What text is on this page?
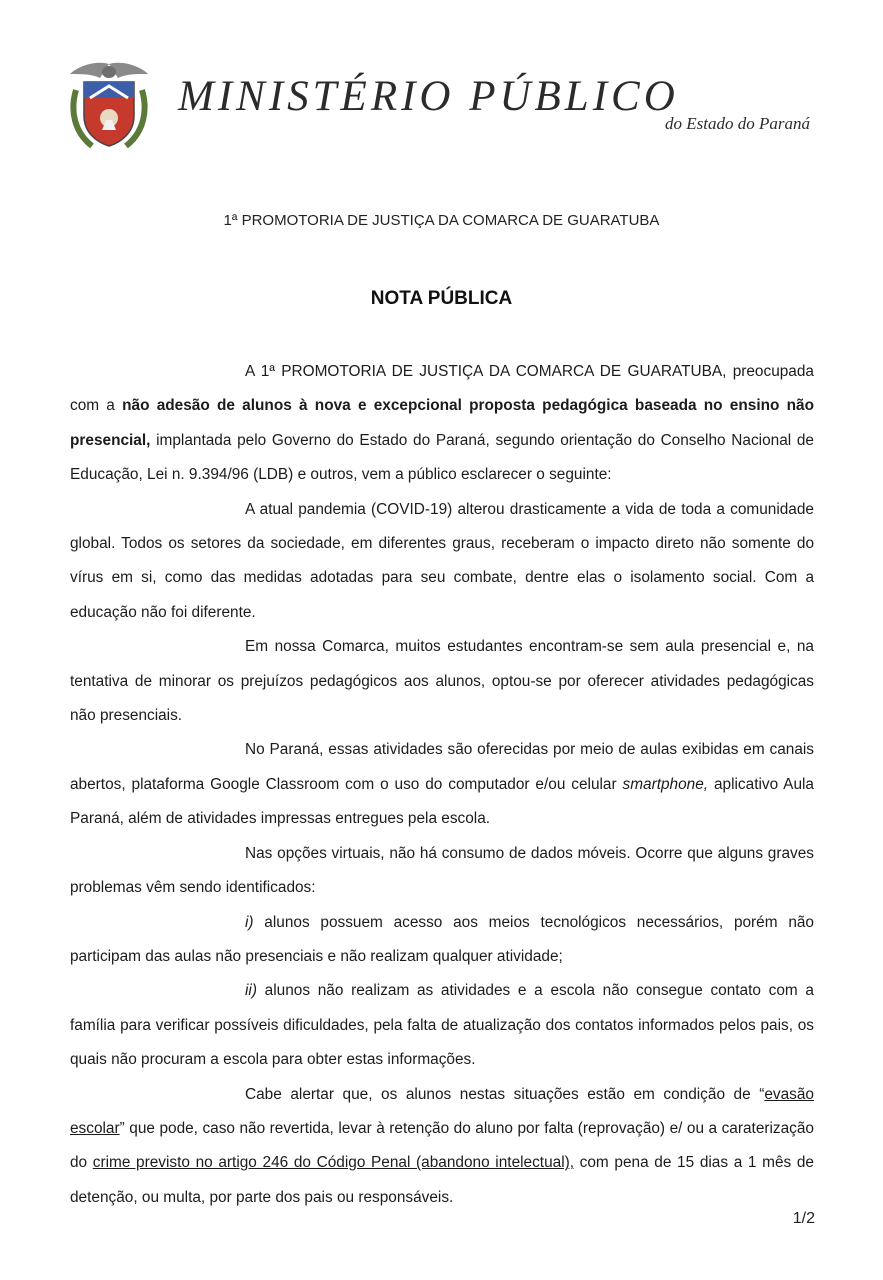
MINISTÉRIO PÚBLICO
do Estado do Paraná
1ª PROMOTORIA DE JUSTIÇA DA COMARCA DE GUARATUBA
NOTA PÚBLICA

A 1ª PROMOTORIA DE JUSTIÇA DA COMARCA DE GUARATUBA, preocupada com a não adesão de alunos à nova e excepcional proposta pedagógica baseada no ensino não presencial, implantada pelo Governo do Estado do Paraná, segundo orientação do Conselho Nacional de Educação, Lei n. 9.394/96 (LDB) e outros, vem a público esclarecer o seguinte:

A atual pandemia (COVID-19) alterou drasticamente a vida de toda a comunidade global. Todos os setores da sociedade, em diferentes graus, receberam o impacto direto não somente do vírus em si, como das medidas adotadas para seu combate, dentre elas o isolamento social. Com a educação não foi diferente.

Em nossa Comarca, muitos estudantes encontram-se sem aula presencial e, na tentativa de minorar os prejuízos pedagógicos aos alunos, optou-se por oferecer atividades pedagógicas não presenciais.

No Paraná, essas atividades são oferecidas por meio de aulas exibidas em canais abertos, plataforma Google Classroom com o uso do computador e/ou celular smartphone, aplicativo Aula Paraná, além de atividades impressas entregues pela escola.

Nas opções virtuais, não há consumo de dados móveis. Ocorre que alguns graves problemas vêm sendo identificados:

i) alunos possuem acesso aos meios tecnológicos necessários, porém não participam das aulas não presenciais e não realizam qualquer atividade;

ii) alunos não realizam as atividades e a escola não consegue contato com a família para verificar possíveis dificuldades, pela falta de atualização dos contatos informados pelos pais, os quais não procuram a escola para obter estas informações.

Cabe alertar que, os alunos nestas situações estão em condição de “evasão escolar” que pode, caso não revertida, levar à retenção do aluno por falta (reprovação) e/ ou a caraterização do crime previsto no artigo 246 do Código Penal (abandono intelectual), com pena de 15 dias a 1 mês de detenção, ou multa, por parte dos pais ou responsáveis.

1/2
